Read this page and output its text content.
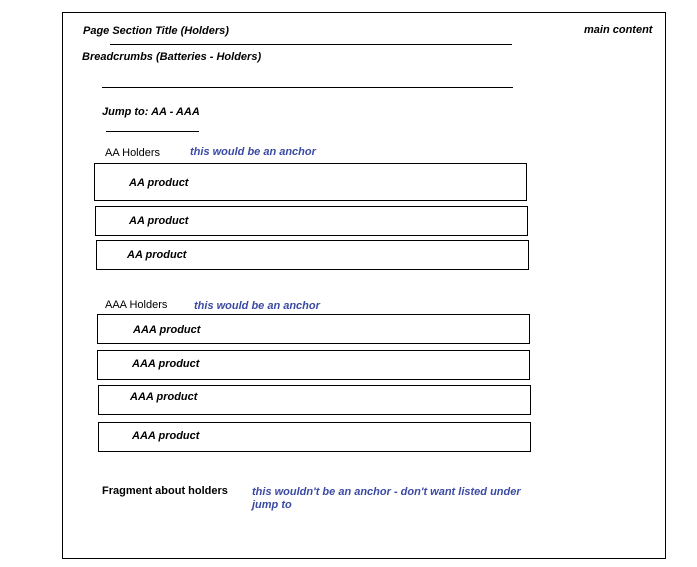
Page Section Title (Holders)	main content
Breadcrumbs (Batteries - Holders)
Jump to: AA - AAA
AA Holders	this would be an anchor
AA product
AA product
AA product
AAA Holders this would be an anchor
AAA product
AAA product
AAA product
AAA product
Fragment about holders this wouldn't be an anchor - don't want listed under jump to
